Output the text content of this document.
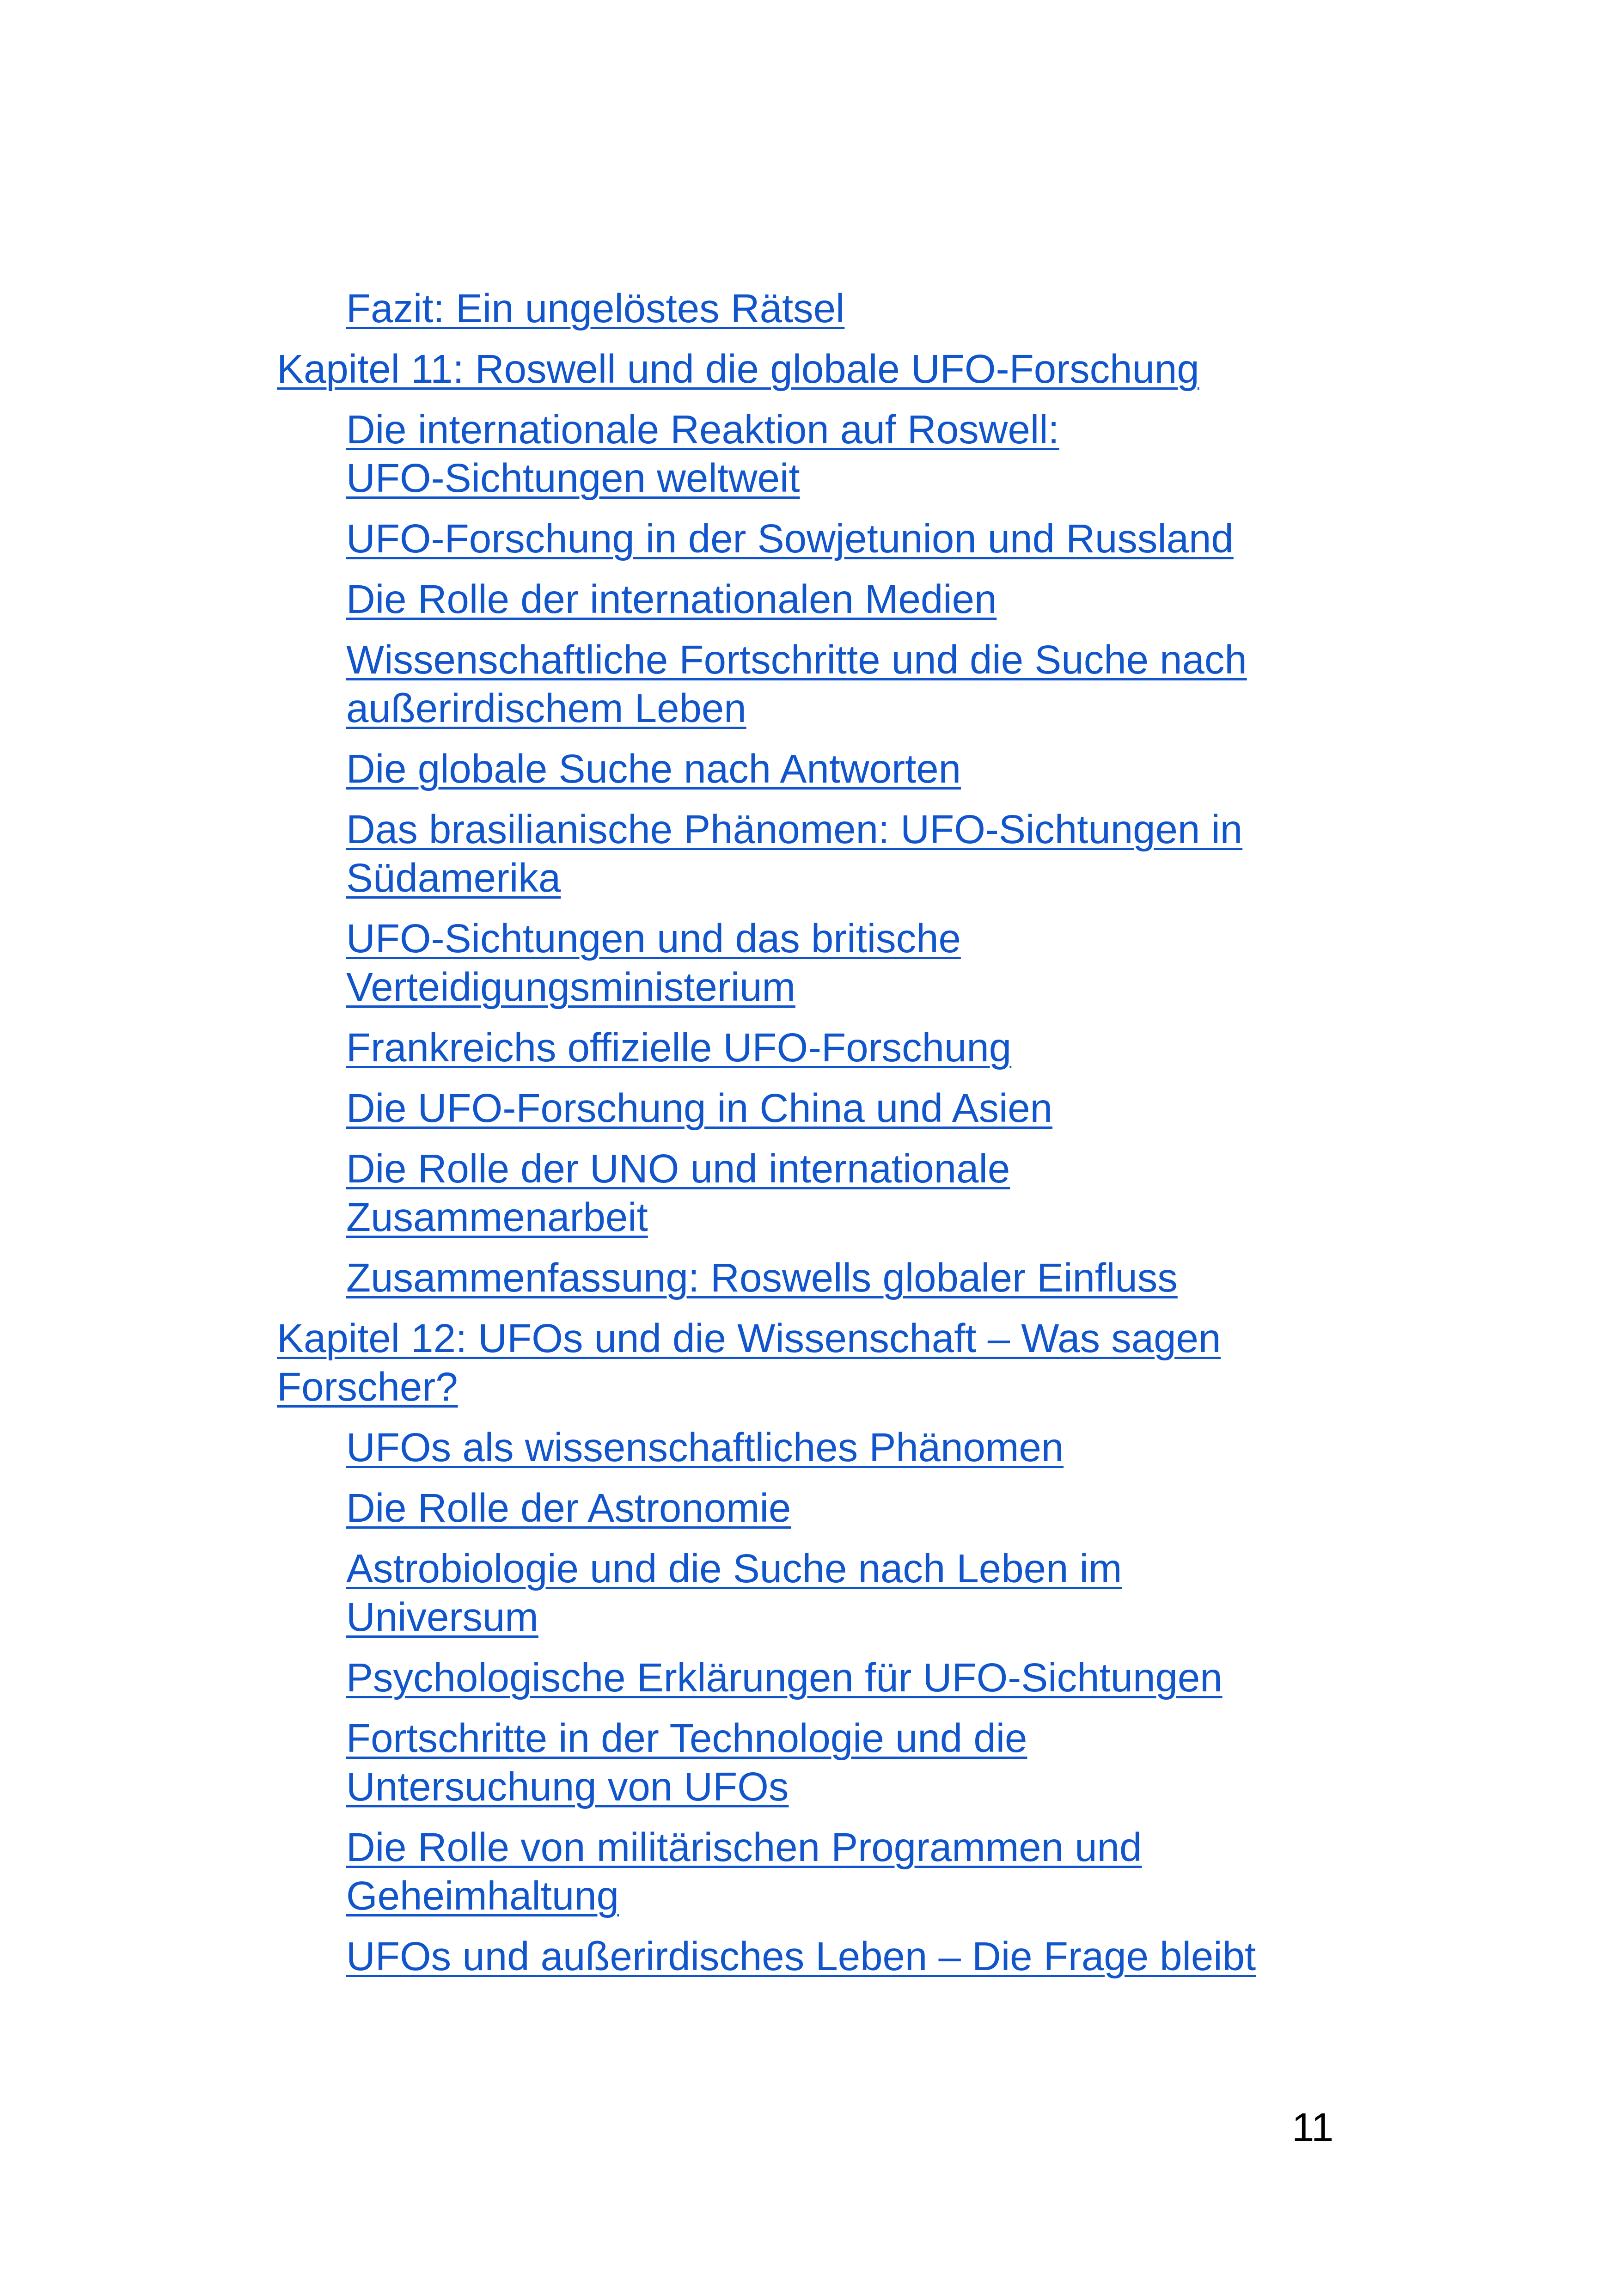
Fazit: Ein ungelöstes Rätsel
Kapitel 11: Roswell und die globale UFO-Forschung
Die internationale Reaktion auf Roswell:
UFO-Sichtungen weltweit
UFO-Forschung in der Sowjetunion und Russland
Die Rolle der internationalen Medien
Wissenschaftliche Fortschritte und die Suche nach
außerirdischem Leben
Die globale Suche nach Antworten
Das brasilianische Phänomen: UFO-Sichtungen in
Südamerika
UFO-Sichtungen und das britische
Verteidigungsministerium
Frankreichs offizielle UFO-Forschung
Die UFO-Forschung in China und Asien
Die Rolle der UNO und internationale
Zusammenarbeit
Zusammenfassung: Roswells globaler Einfluss
Kapitel 12: UFOs und die Wissenschaft – Was sagen
Forscher?
UFOs als wissenschaftliches Phänomen
Die Rolle der Astronomie
Astrobiologie und die Suche nach Leben im
Universum
Psychologische Erklärungen für UFO-Sichtungen
Fortschritte in der Technologie und die
Untersuchung von UFOs
Die Rolle von militärischen Programmen und
Geheimhaltung
UFOs und außerirdisches Leben – Die Frage bleibt
11
